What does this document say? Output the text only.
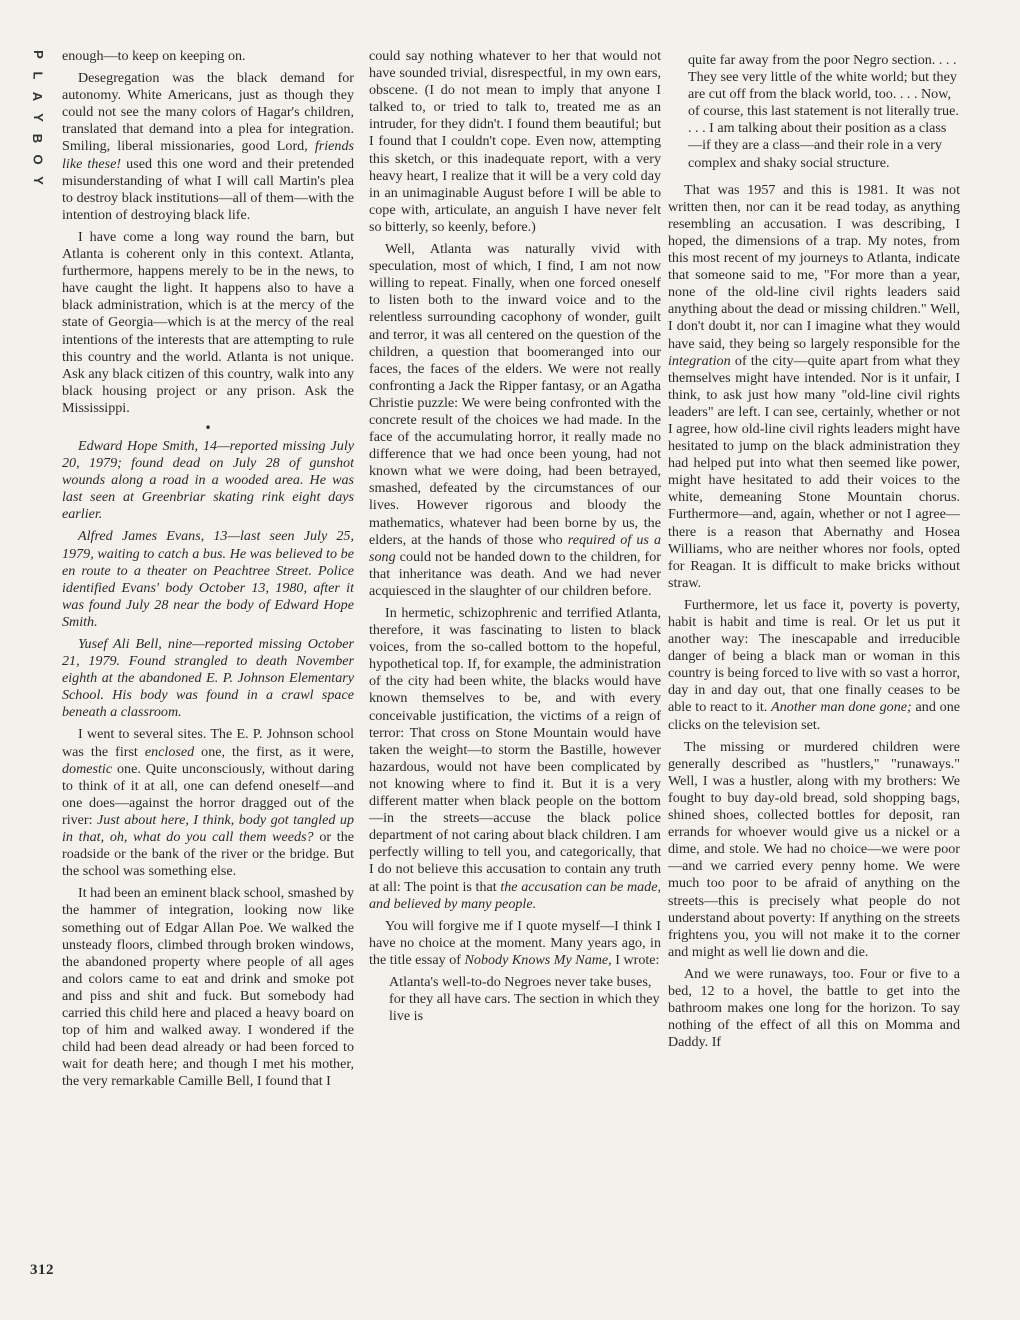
P
L
A
Y
B
O
Y

enough—to keep on keeping on.

Desegregation was the black demand for autonomy. White Americans, just as though they could not see the many colors of Hagar's children, translated that demand into a plea for integration. Smiling, liberal missionaries, good Lord, friends like these! used this one word and their pretended misunderstanding of what I will call Martin's plea to destroy black institutions—all of them—with the intention of destroying black life.

I have come a long way round the barn, but Atlanta is coherent only in this context. Atlanta, furthermore, happens merely to be in the news, to have caught the light. It happens also to have a black administration, which is at the mercy of the state of Georgia—which is at the mercy of the real intentions of the interests that are attempting to rule this country and the world. Atlanta is not unique. Ask any black citizen of this country, walk into any black housing project or any prison. Ask the Mississippi.

•

Edward Hope Smith, 14—reported missing July 20, 1979; found dead on July 28 of gunshot wounds along a road in a wooded area. He was last seen at Greenbriar skating rink eight days earlier.

Alfred James Evans, 13—last seen July 25, 1979, waiting to catch a bus. He was believed to be en route to a theater on Peachtree Street. Police identified Evans' body October 13, 1980, after it was found July 28 near the body of Edward Hope Smith.

Yusef Ali Bell, nine—reported missing October 21, 1979. Found strangled to death November eighth at the abandoned E. P. Johnson Elementary School. His body was found in a crawl space beneath a classroom.

I went to several sites. The E. P. Johnson school was the first enclosed one, the first, as it were, domestic one. Quite unconsciously, without daring to think of it at all, one can defend oneself—and one does—against the horror dragged out of the river: Just about here, I think, body got tangled up in that, oh, what do you call them weeds? or the roadside or the bank of the river or the bridge. But the school was something else.

It had been an eminent black school, smashed by the hammer of integration, looking now like something out of Edgar Allan Poe. We walked the unsteady floors, climbed through broken windows, the abandoned property where people of all ages and colors came to eat and drink and smoke pot and piss and shit and fuck. But somebody had carried this child here and placed a heavy board on top of him and walked away. I wondered if the child had been dead already or had been forced to wait for death here; and though I met his mother, the very remarkable Camille Bell, I found that I

could say nothing whatever to her that would not have sounded trivial, disrespectful, in my own ears, obscene. (I do not mean to imply that anyone I talked to, or tried to talk to, treated me as an intruder, for they didn't. I found them beautiful; but I found that I couldn't cope. Even now, attempting this sketch, or this inadequate report, with a very heavy heart, I realize that it will be a very cold day in an unimaginable August before I will be able to cope with, articulate, an anguish I have never felt so bitterly, so keenly, before.)

Well, Atlanta was naturally vivid with speculation, most of which, I find, I am not now willing to repeat. Finally, when one forced oneself to listen both to the inward voice and to the relentless surrounding cacophony of wonder, guilt and terror, it was all centered on the question of the children, a question that boomeranged into our faces, the faces of the elders. We were not really confronting a Jack the Ripper fantasy, or an Agatha Christie puzzle: We were being confronted with the concrete result of the choices we had made. In the face of the accumulating horror, it really made no difference that we had once been young, had not known what we were doing, had been betrayed, smashed, defeated by the circumstances of our lives. However rigorous and bloody the mathematics, whatever had been borne by us, the elders, at the hands of those who required of us a song could not be handed down to the children, for that inheritance was death. And we had never acquiesced in the slaughter of our children before.

In hermetic, schizophrenic and terrified Atlanta, therefore, it was fascinating to listen to black voices, from the so-called bottom to the hopeful, hypothetical top. If, for example, the administration of the city had been white, the blacks would have known themselves to be, and with every conceivable justification, the victims of a reign of terror: That cross on Stone Mountain would have taken the weight—to storm the Bastille, however hazardous, would not have been complicated by not knowing where to find it. But it is a very different matter when black people on the bottom—in the streets—accuse the black police department of not caring about black children. I am perfectly willing to tell you, and categorically, that I do not believe this accusation to contain any truth at all: The point is that the accusation can be made, and believed by many people.

You will forgive me if I quote myself—I think I have no choice at the moment. Many years ago, in the title essay of Nobody Knows My Name, I wrote:

Atlanta's well-to-do Negroes never take buses, for they all have cars. The section in which they live is

quite far away from the poor Negro section. . . . They see very little of the white world; but they are cut off from the black world, too. . . . Now, of course, this last statement is not literally true. . . . I am talking about their position as a class—if they are a class—and their role in a very complex and shaky social structure.

That was 1957 and this is 1981. It was not written then, nor can it be read today, as anything resembling an accusation. I was describing, I hoped, the dimensions of a trap. My notes, from this most recent of my journeys to Atlanta, indicate that someone said to me, "For more than a year, none of the old-line civil rights leaders said anything about the dead or missing children." Well, I don't doubt it, nor can I imagine what they would have said, they being so largely responsible for the integration of the city—quite apart from what they themselves might have intended. Nor is it unfair, I think, to ask just how many "old-line civil rights leaders" are left. I can see, certainly, whether or not I agree, how old-line civil rights leaders might have hesitated to jump on the black administration they had helped put into what then seemed like power, might have hesitated to add their voices to the white, demeaning Stone Mountain chorus. Furthermore—and, again, whether or not I agree—there is a reason that Abernathy and Hosea Williams, who are neither whores nor fools, opted for Reagan. It is difficult to make bricks without straw.

Furthermore, let us face it, poverty is poverty, habit is habit and time is real. Or let us put it another way: The inescapable and irreducible danger of being a black man or woman in this country is being forced to live with so vast a horror, day in and day out, that one finally ceases to be able to react to it. Another man done gone; and one clicks on the television set.

The missing or murdered children were generally described as "hustlers," "runaways." Well, I was a hustler, along with my brothers: We fought to buy day-old bread, sold shopping bags, shined shoes, collected bottles for deposit, ran errands for whoever would give us a nickel or a dime, and stole. We had no choice—we were poor—and we carried every penny home. We were much too poor to be afraid of anything on the streets—this is precisely what people do not understand about poverty: If anything on the streets frightens you, you will not make it to the corner and might as well lie down and die.

And we were runaways, too. Four or five to a bed, 12 to a hovel, the battle to get into the bathroom makes one long for the horizon. To say nothing of the effect of all this on Momma and Daddy. If

312
